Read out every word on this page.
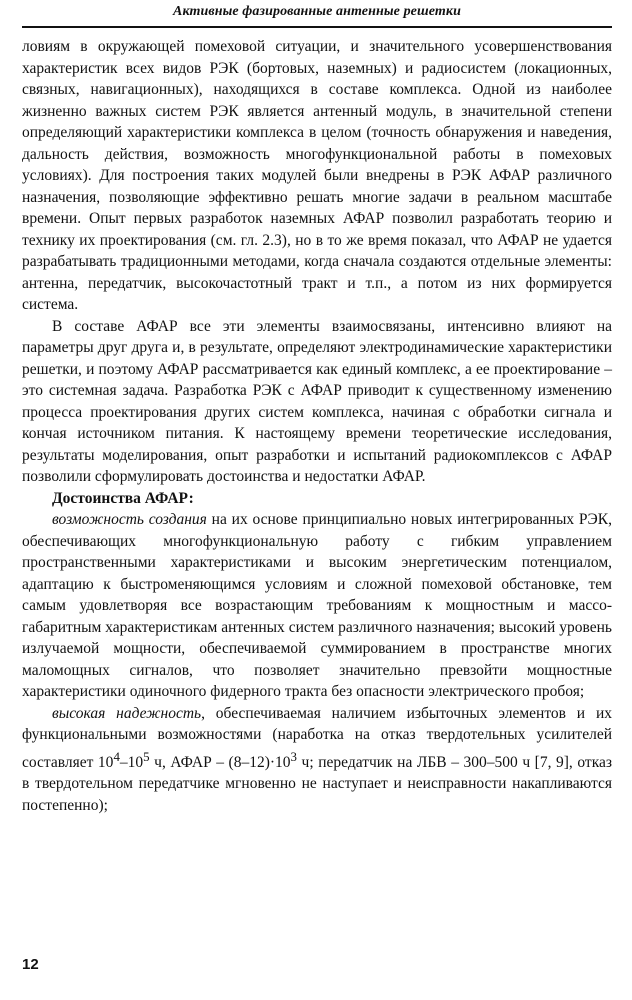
Активные фазированные антенные решетки

ловиям в окружающей помеховой ситуации, и значительного усовершенствования характеристик всех видов РЭК (бортовых, наземных) и радиосистем (локационных, связных, навигационных), находящихся в составе комплекса. Одной из наиболее жизненно важных систем РЭК является антенный модуль, в значительной степени определяющий характеристики комплекса в целом (точность обнаружения и наведения, дальность действия, возможность многофункциональной работы в помеховых условиях). Для построения таких модулей были внедрены в РЭК АФАР различного назначения, позволяющие эффективно решать многие задачи в реальном масштабе времени. Опыт первых разработок наземных АФАР позволил разработать теорию и технику их проектирования (см. гл. 2.3), но в то же время показал, что АФАР не удается разрабатывать традиционными методами, когда сначала создаются отдельные элементы: антенна, передатчик, высокочастотный тракт и т.п., а потом из них формируется система.

В составе АФАР все эти элементы взаимосвязаны, интенсивно влияют на параметры друг друга и, в результате, определяют электродинамические характеристики решетки, и поэтому АФАР рассматривается как единый комплекс, а ее проектирование – это системная задача. Разработка РЭК с АФАР приводит к существенному изменению процесса проектирования других систем комплекса, начиная с обработки сигнала и кончая источником питания. К настоящему времени теоретические исследования, результаты моделирования, опыт разработки и испытаний радиокомплексов с АФАР позволили сформулировать достоинства и недостатки АФАР.

Достоинства АФАР:

возможность создания на их основе принципиально новых интегрированных РЭК, обеспечивающих многофункциональную работу с гибким управлением пространственными характеристиками и высоким энергетическим потенциалом, адаптацию к быстроменяющимся условиям и сложной помеховой обстановке, тем самым удовлетворяя все возрастающим требованиям к мощностным и массо-габаритным характеристикам антенных систем различного назначения; высокий уровень излучаемой мощности, обеспечиваемой суммированием в пространстве многих маломощных сигналов, что позволяет значительно превзойти мощностные характеристики одиночного фидерного тракта без опасности электрического пробоя;

высокая надежность, обеспечиваемая наличием избыточных элементов и их функциональными возможностями (наработка на отказ твердотельных усилителей составляет $10^4-10^5$ ч, АФАР – $(8-12)\cdot 10^3$ ч; передатчик на ЛБВ – 300–500 ч [7, 9], отказ в твердотельном передатчике мгновенно не наступает и неисправности накапливаются постепенно);

12
